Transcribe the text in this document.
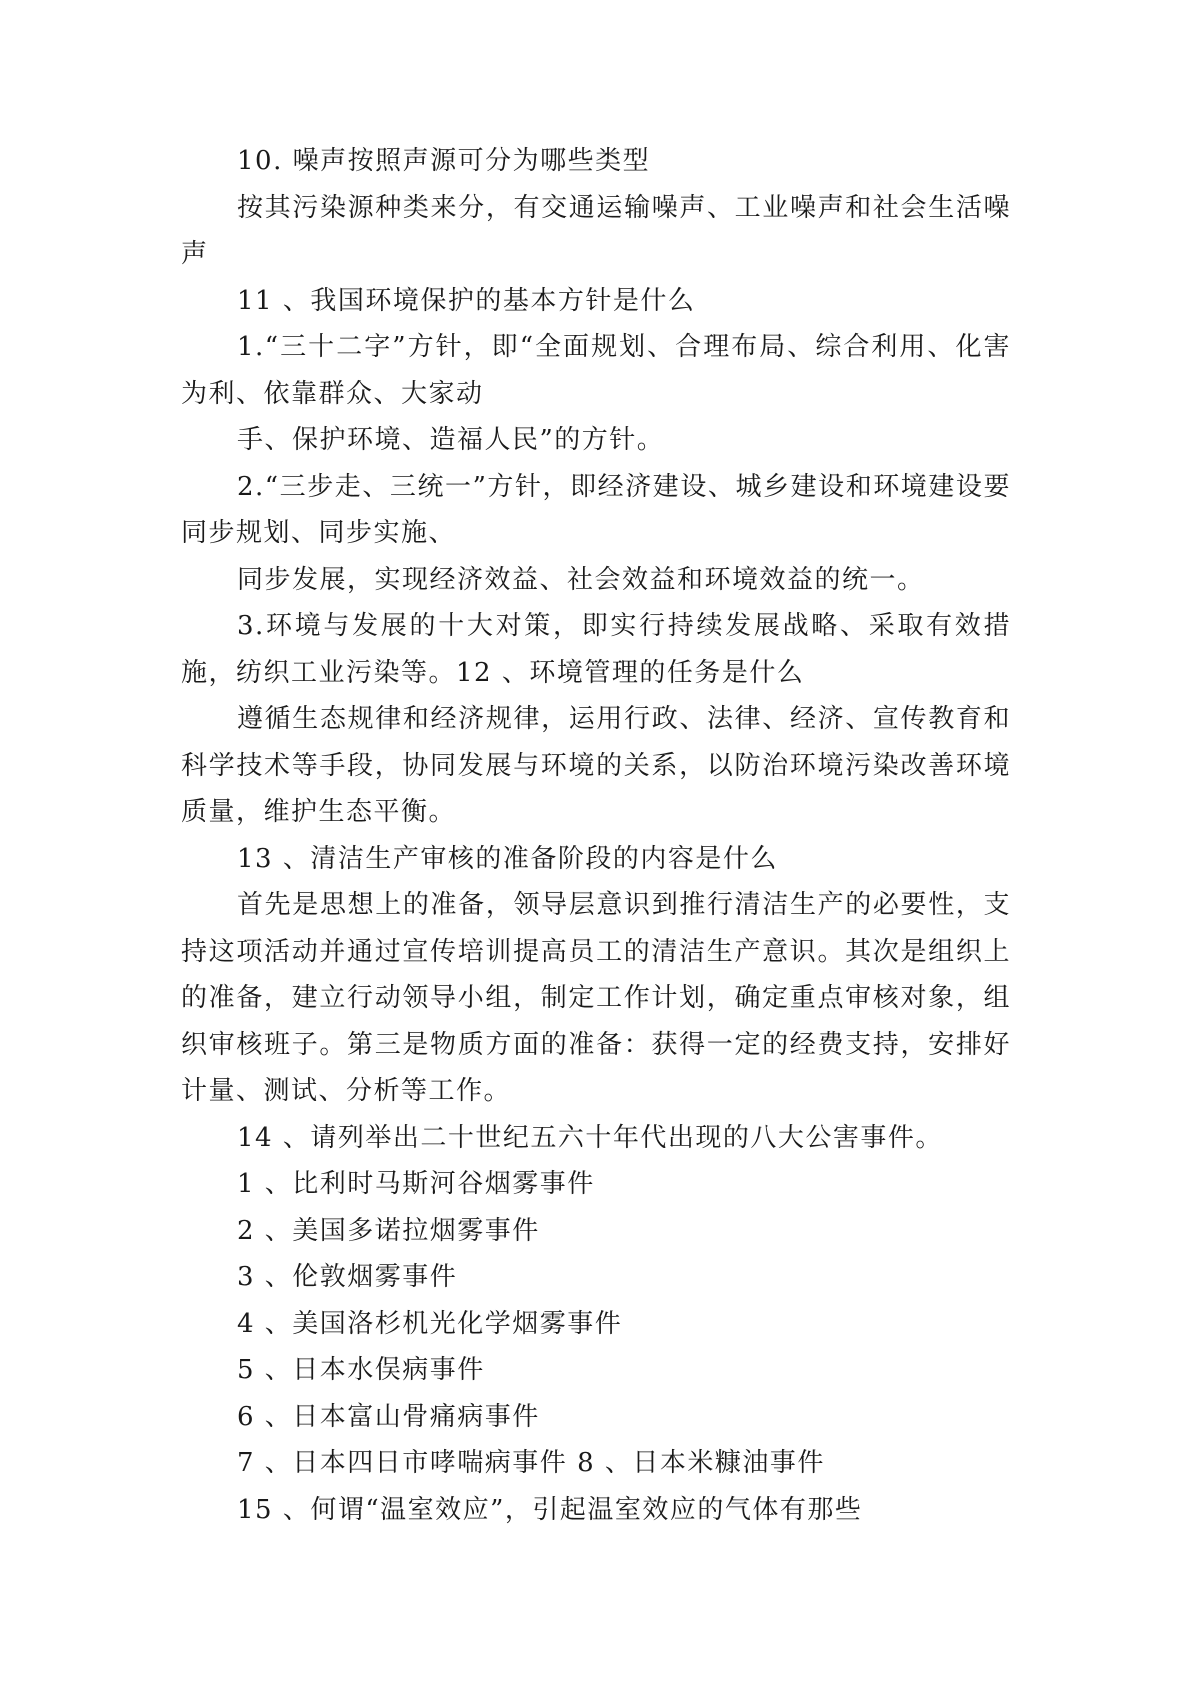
10. 噪声按照声源可分为哪些类型

按其污染源种类来分，有交通运输噪声、工业噪声和社会生活噪声

11 、我国环境保护的基本方针是什么

1.“三十二字”方针，即“全面规划、合理布局、综合利用、化害为利、依靠群众、大家动

手、保护环境、造福人民”的方针。

2.“三步走、三统一”方针，即经济建设、城乡建设和环境建设要同步规划、同步实施、

同步发展，实现经济效益、社会效益和环境效益的统一。

3.环境与发展的十大对策，即实行持续发展战略、采取有效措施，纺织工业污染等。12 、环境管理的任务是什么

遵循生态规律和经济规律，运用行政、法律、经济、宣传教育和科学技术等手段，协同发展与环境的关系，以防治环境污染改善环境质量，维护生态平衡。

13 、清洁生产审核的准备阶段的内容是什么

首先是思想上的准备，领导层意识到推行清洁生产的必要性，支持这项活动并通过宣传培训提高员工的清洁生产意识。其次是组织上的准备，建立行动领导小组，制定工作计划，确定重点审核对象，组织审核班子。第三是物质方面的准备：获得一定的经费支持，安排好计量、测试、分析等工作。

14 、请列举出二十世纪五六十年代出现的八大公害事件。

1 、比利时马斯河谷烟雾事件

2 、美国多诺拉烟雾事件

3 、伦敦烟雾事件

4 、美国洛杉机光化学烟雾事件

5 、日本水俣病事件

6 、日本富山骨痛病事件

7 、日本四日市哮喘病事件 8 、日本米糠油事件

15 、何谓“温室效应”，引起温室效应的气体有那些
